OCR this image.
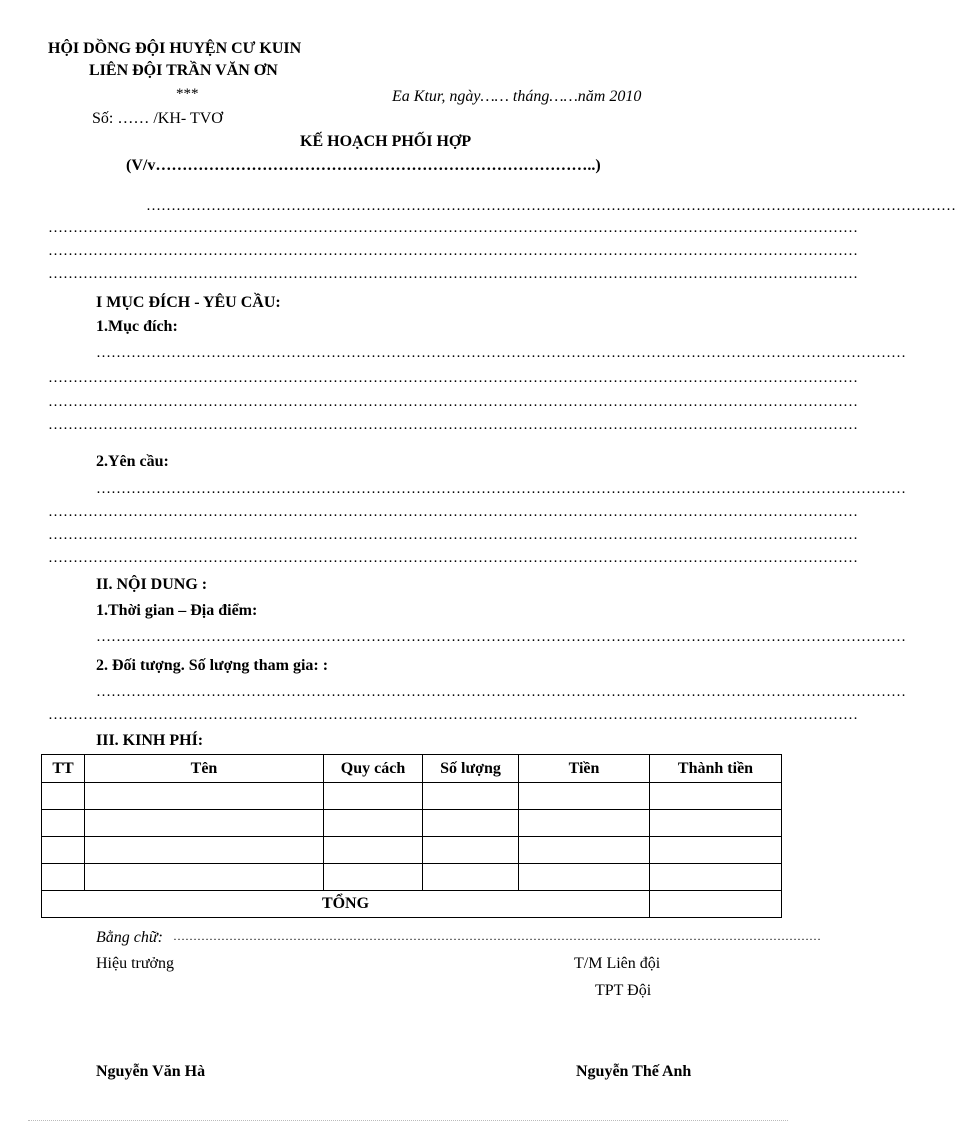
HỘI DỒNG ĐỘI HUYỆN CƯ KUIN
LIÊN ĐỘI TRẦN VĂN ƠN
***	Ea Ktur, ngày…… tháng……năm 2010
Số: …… /KH- TVƠ
KẾ HOẠCH PHỐI HỢP
(V/v………………………………………………………………………..)
………………………………………………………………………………………………………………………………………………
………………………………………………………………………………………………………………………………………………
………………………………………………………………………………………………………………………………………………
………………………………………………………………………………………………………………………………………………
I MỤC ĐÍCH - YÊU CẦU:
1.Mục đích:
………………………………………………………………………………………………………………………………………………
………………………………………………………………………………………………………………………………………………
………………………………………………………………………………………………………………………………………………
………………………………………………………………………………………………………………………………………………
2.Yên cầu:
………………………………………………………………………………………………………………………………………………
………………………………………………………………………………………………………………………………………………
………………………………………………………………………………………………………………………………………………
………………………………………………………………………………………………………………………………………………
II. NỘI DUNG :
1.Thời gian – Địa điểm:
………………………………………………………………………………………………………………………………………………
2. Đối tượng. Số lượng tham gia: :
………………………………………………………………………………………………………………………………………………
………………………………………………………………………………………………………………………………………………
III. KINH PHÍ:
TT	Tên	Quy cách	Số lượng	Tiền	Thành tiền

TỔNG					
Bằng chữ: ………………………………………………………………………………………………………………………………………………
Hiệu trưởng	T/M Liên đội
TPT Đội
Nguyễn Văn Hà	Nguyễn Thế Anh
